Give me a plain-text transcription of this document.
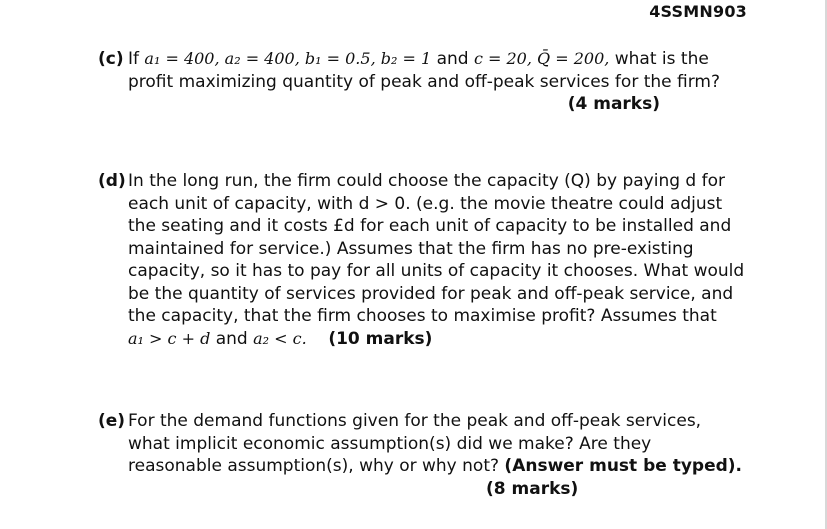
4SSMN903
(c) If a₁ = 400, a₂ = 400, b₁ = 0.5, b₂ = 1 and c = 20, Q̄ = 200, what is the
profit maximizing quantity of peak and off-peak services for the firm?
(4 marks)
(d) In the long run, the firm could choose the capacity (Q) by paying d for
each unit of capacity, with d > 0. (e.g. the movie theatre could adjust
the seating and it costs £d for each unit of capacity to be installed and
maintained for service.) Assumes that the firm has no pre-existing
capacity, so it has to pay for all units of capacity it chooses. What would
be the quantity of services provided for peak and off-peak service, and
the capacity, that the firm chooses to maximise profit? Assumes that
a₁ > c + d and a₂ < c. (10 marks)
(e) For the demand functions given for the peak and off-peak services,
what implicit economic assumption(s) did we make? Are they
reasonable assumption(s), why or why not? (Answer must be typed).
(8 marks)
